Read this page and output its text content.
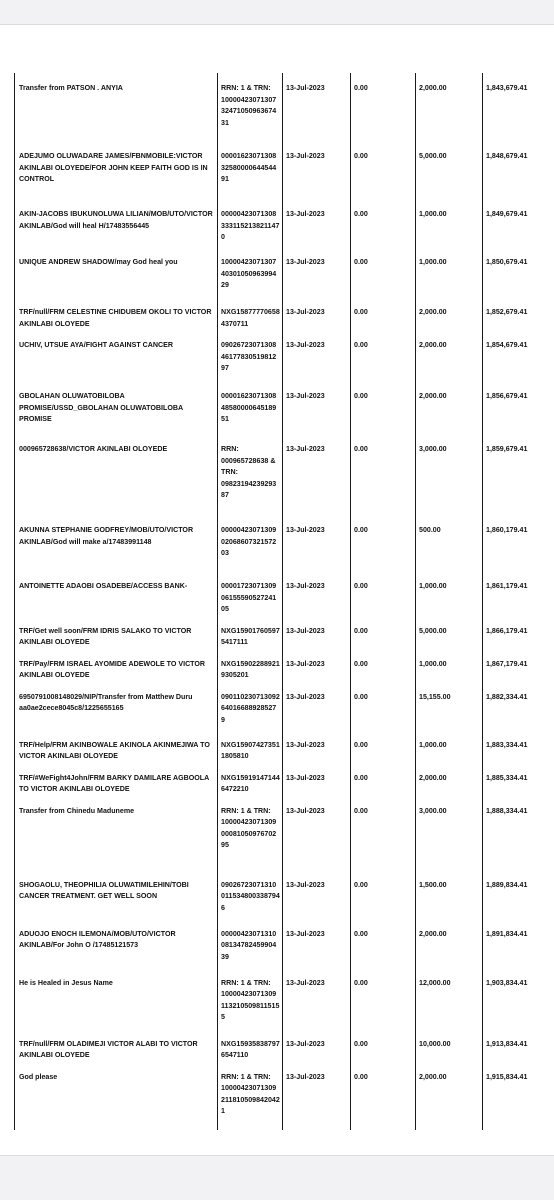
Transfer from PATSON . ANYIA	RRN: 1 & TRN: 100004230713073247105096367431	13-Jul-2023	0.00	2,000.00	1,843,679.41
ADEJUMO OLUWADARE JAMES/FBNMOBILE:VICTOR AKINLABI OLOYEDE/FOR JOHN KEEP FAITH GOD IS IN CONTROL	000016230713083258000064454491	13-Jul-2023	0.00	5,000.00	1,848,679.41
AKIN-JACOBS IBUKUNOLUWA LILIAN/MOB/UTO/VICTOR AKINLAB/God will heal H/17483556445	000004230713083331152138211470	13-Jul-2023	0.00	1,000.00	1,849,679.41
UNIQUE ANDREW SHADOW/may God heal you	100004230713074030105096399429	13-Jul-2023	0.00	1,000.00	1,850,679.41
TRF/null/FRM CELESTINE CHIDUBEM OKOLI TO VICTOR AKINLABI OLOYEDE	NXG158777706584370711	13-Jul-2023	0.00	2,000.00	1,852,679.41
UCHIV, UTSUE AYA/FIGHT AGAINST CANCER	090267230713084617783051981297	13-Jul-2023	0.00	2,000.00	1,854,679.41
GBOLAHAN OLUWATOBILOBA PROMISE/USSD_GBOLAHAN OLUWATOBILOBA PROMISE	000016230713084858000064518951	13-Jul-2023	0.00	2,000.00	1,856,679.41
000965728638/VICTOR AKINLABI OLOYEDE	RRN: 000965728638 & TRN: 0982319423929387	13-Jul-2023	0.00	3,000.00	1,859,679.41
AKUNNA STEPHANIE GODFREY/MOB/UTO/VICTOR AKINLAB/God will make a/17483991148	000004230713090206860732157203	13-Jul-2023	0.00	500.00	1,860,179.41
ANTOINETTE ADAOBI OSADEBE/ACCESS BANK-	000017230713090615559052724105	13-Jul-2023	0.00	1,000.00	1,861,179.41
TRF/Get well soon/FRM IDRIS SALAKO TO VICTOR AKINLABI OLOYEDE	NXG159017605975417111	13-Jul-2023	0.00	5,000.00	1,866,179.41
TRF/Pay/FRM ISRAEL AYOMIDE ADEWOLE TO VICTOR AKINLABI OLOYEDE	NXG159022889219305201	13-Jul-2023	0.00	1,000.00	1,867,179.41
6950791008148029/NIP/Transfer from Matthew Duru aa0ae2cece8045c8/1225655165	090110230713092640166889285279	13-Jul-2023	0.00	15,155.00	1,882,334.41
TRF/Help/FRM AKINBOWALE AKINOLA AKINMEJIWA TO VICTOR AKINLABI OLOYEDE	NXG159074273511805810	13-Jul-2023	0.00	1,000.00	1,883,334.41
TRF/#WeFight4John/FRM BARKY DAMILARE AGBOOLA TO VICTOR AKINLABI OLOYEDE	NXG159191471446472210	13-Jul-2023	0.00	2,000.00	1,885,334.41
Transfer from Chinedu Maduneme	RRN: 1 & TRN: 100004230713090008105097670295	13-Jul-2023	0.00	3,000.00	1,888,334.41
SHOGAOLU, THEOPHILIA OLUWATIMILEHIN/TOBI CANCER TREATMENT. GET WELL SOON	090267230713100115348003387946	13-Jul-2023	0.00	1,500.00	1,889,834.41
ADUOJO ENOCH ILEMONA/MOB/UTO/VICTOR AKINLAB/For John O /17485121573	000004230713100813478245990439	13-Jul-2023	0.00	2,000.00	1,891,834.41
He is Healed in Jesus Name	RRN: 1 & TRN: 100004230713091132105098115155	13-Jul-2023	0.00	12,000.00	1,903,834.41
TRF/null/FRM OLADIMEJI VICTOR ALABI TO VICTOR AKINLABI OLOYEDE	NXG159358387976547110	13-Jul-2023	0.00	10,000.00	1,913,834.41
God please	RRN: 1 & TRN: 100004230713092118105098420421	13-Jul-2023	0.00	2,000.00	1,915,834.41
